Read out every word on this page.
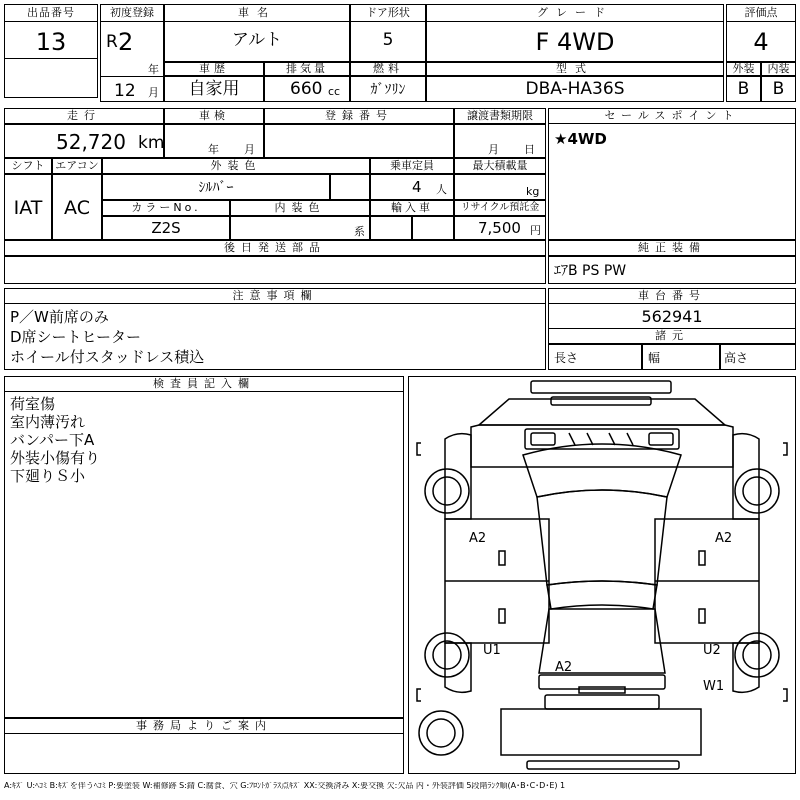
出品番号
13
初度登録
R 2
年
12 月
車名
アルト
ドア形状
5
グレード
F 4WD
評価点
4
車歴
自家用
排気量
660 cc
燃料
ｶﾞｿﾘﾝ
型式
DBA-HA36S
外装	内装
B	B
走行
52,720 km
車検
年 月
登録番号	譲渡書類期限
月 日
シフト
IAT
エアコン
AC
外装色
ｼﾙﾊﾞｰ
乗車定員
4 人
最大積載量
kg
カラーNo.
Z2S
内装色
系
輸入車	リサイクル預託金
7,500 円
後日発送部品
セールスポイント
★4WD
純正装備
ｴｱB PS PW
注意事項欄
P／W前席のみ
D席シートヒーター
ホイール付スタッドレス積込
車台番号
562941
諸元
長さ	幅	高さ
検査員記入欄
荷室傷
室内薄汚れ
バンパー下A
外装小傷有り
下廻りＳ小
事務局よりご案内
A2	A2
U1	U2
A2
W1
A:ｷｽﾞ U:ﾍｺﾐ B:ｷｽﾞを伴うﾍｺﾐ P:要塗装 W:補修跡 S:錆 C:腐食、穴 G:ﾌﾛﾝﾄｶﾞﾗｽ点ｷｽﾞ XX:交換済み X:要交換 欠:欠品 内・外装評価 5段階ﾗﾝｸ順(A･B･C･D･E) 1
